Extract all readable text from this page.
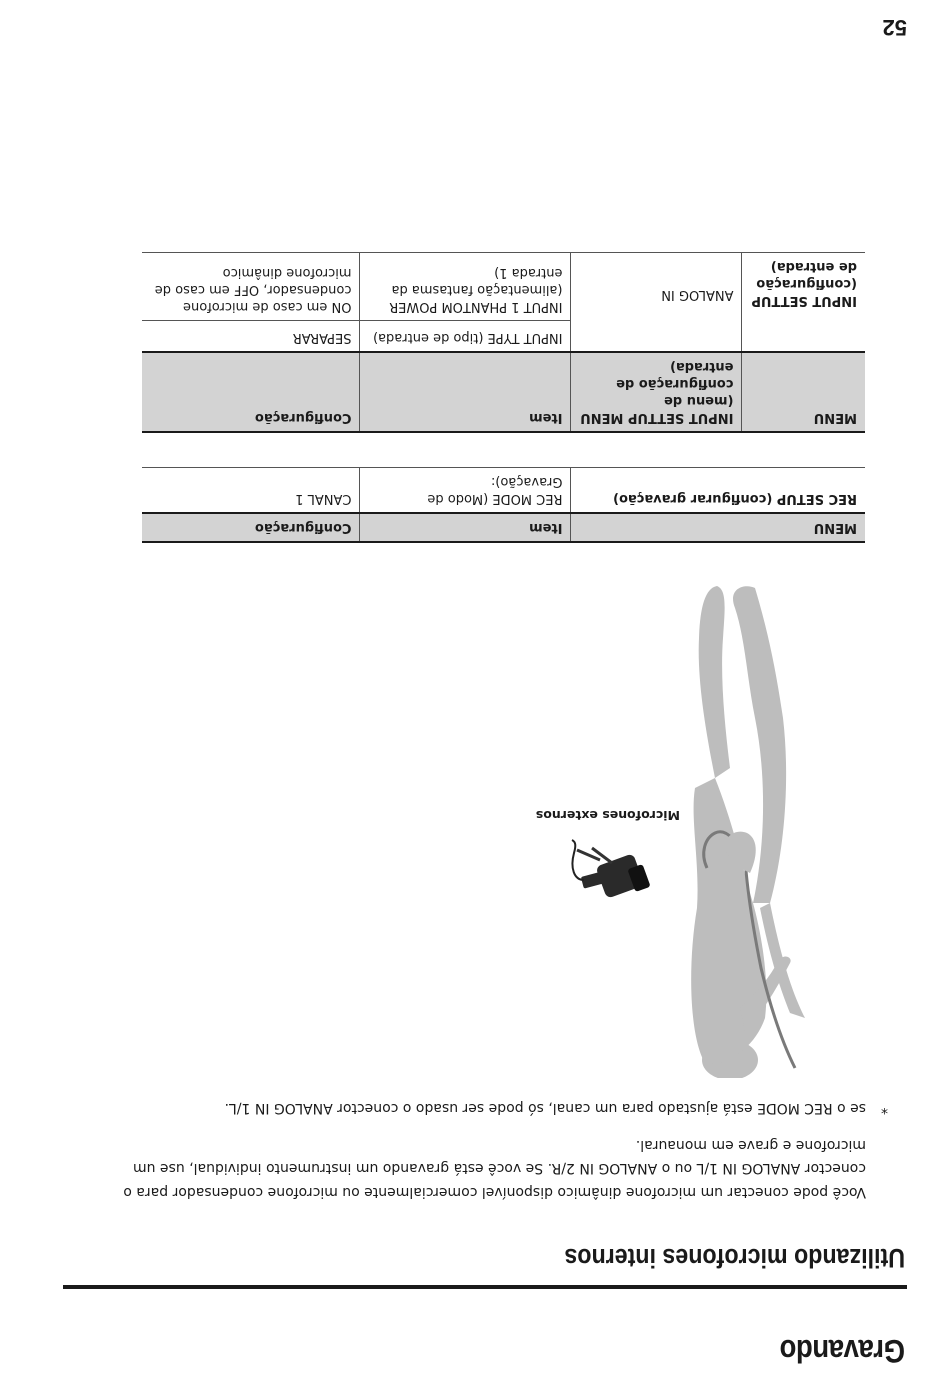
Gravando
Utilizando microfones internos

Você pode conectar um microfone dinâmico disponível comercialmente ou microfone condensador para o conector ANALOG IN 1/L ou o ANALOG IN 2/R. Se você está gravando um instrumento individual, use um microfone e grave em monaural.

*
se o REC MODE está ajustado para um canal, só pode ser usado o conector ANALOG IN 1/L.
Microfones externos
MENU	Item	Configuração
REC SETUP (configurar gravação)	REC MODE (Modo de Gravação):	CANAL 1
MENU	INPUT SETTUP MENU (menu de configuração de entrada)	Item	Configuração
INPUT SETTUP (configuração de entrada)	ANALOG IN	INPUT TYPE (tipo de entrada)	SEPARAR
		INPUT 1 PHANTOM POWER (alimentação fantasma da entrada 1)	ON em caso de microfone condensador, OFF em caso de microfone dinâmico
52
